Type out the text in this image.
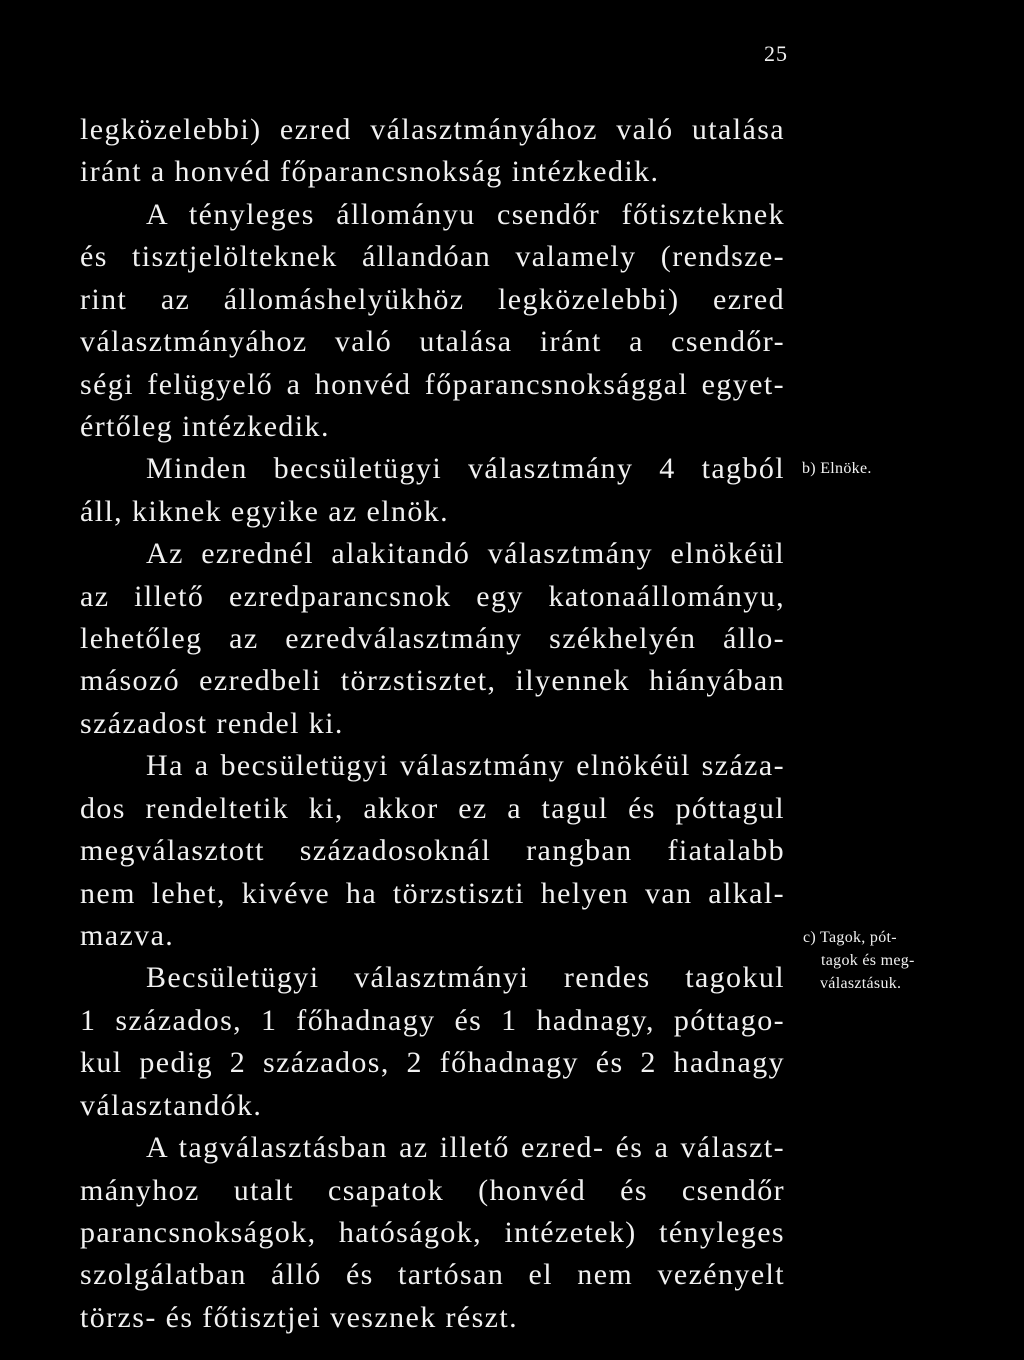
25
legközelebbi) ezred választmányához való utalása
iránt a honvéd főparancsnokság intézkedik.
A tényleges állományu csendőr főtiszteknek
és tisztjelölteknek állandóan valamely (rendsze-
rint az állomáshelyükhöz legközelebbi) ezred
választmányához való utalása iránt a csendőr-
ségi felügyelő a honvéd főparancsnoksággal egyet-
értőleg intézkedik.
Minden becsületügyi választmány 4 tagból
áll, kiknek egyike az elnök.
Az ezrednél alakitandó választmány elnökéül
az illető ezredparancsnok egy katonaállományu,
lehetőleg az ezredválasztmány székhelyén állo-
másozó ezredbeli törzstisztet, ilyennek hiányában
századost rendel ki.
Ha a becsületügyi választmány elnökéül száza-
dos rendeltetik ki, akkor ez a tagul és póttagul
megválasztott századosoknál rangban fiatalabb
nem lehet, kivéve ha törzstiszti helyen van alkal-
mazva.
Becsületügyi választmányi rendes tagokul
1 százados, 1 főhadnagy és 1 hadnagy, póttago-
kul pedig 2 százados, 2 főhadnagy és 2 hadnagy
választandók.
A tagválasztásban az illető ezred- és a választ-
mányhoz utalt csapatok (honvéd és csendőr
parancsnokságok, hatóságok, intézetek) tényleges
szolgálatban álló és tartósan el nem vezényelt
törzs- és főtisztjei vesznek részt.
b) Elnöke.
c) Tagok, pót-
tagok és meg-
választásuk.
